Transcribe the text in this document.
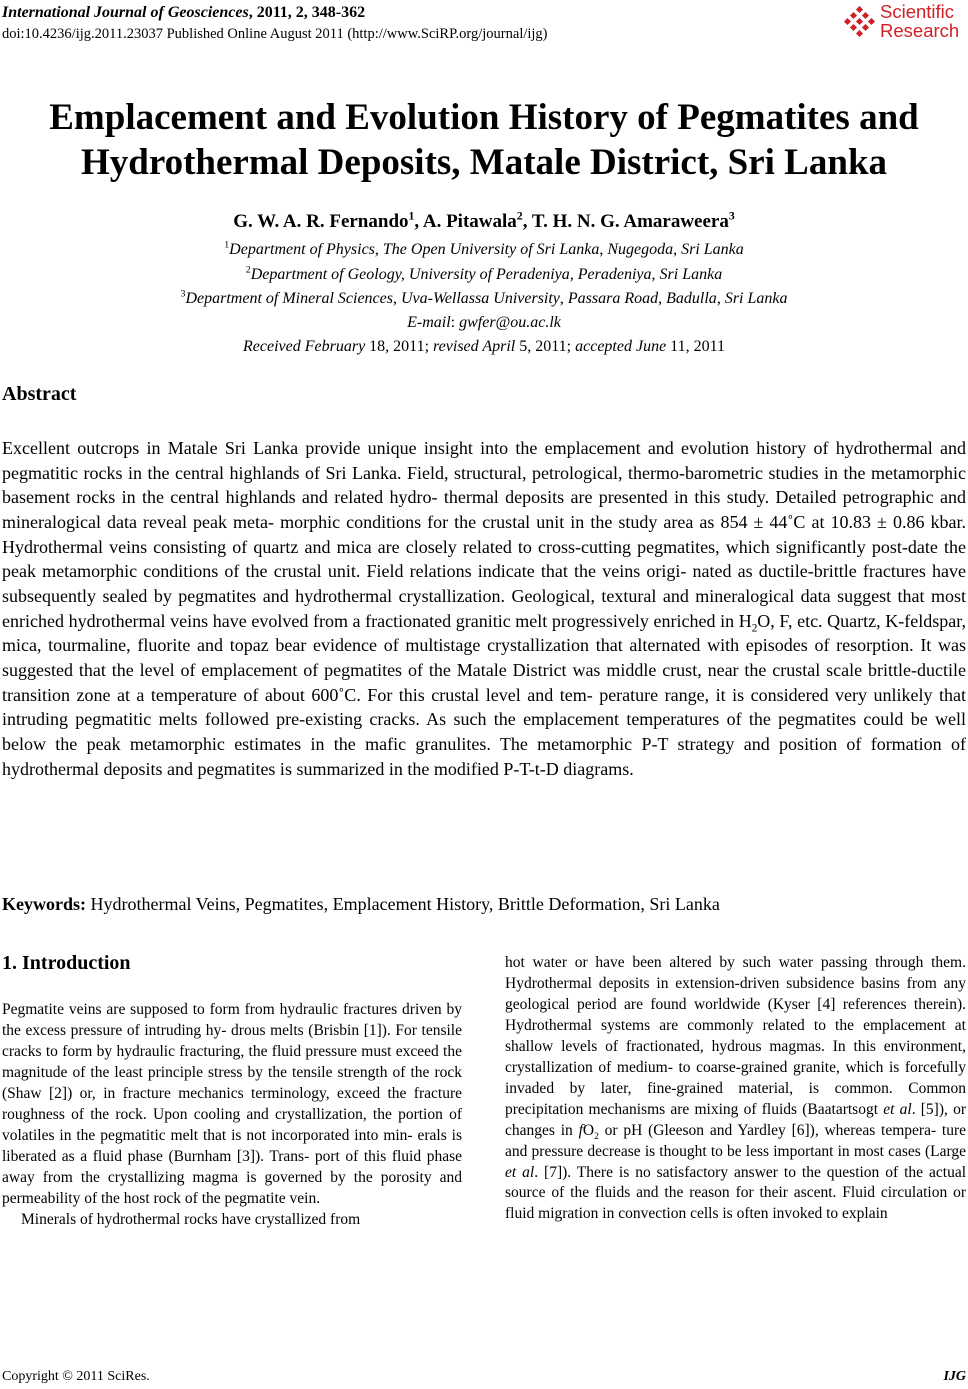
International Journal of Geosciences, 2011, 2, 348-362
doi:10.4236/ijg.2011.23037 Published Online August 2011 (http://www.SciRP.org/journal/ijg)
Scientific
Research
Emplacement and Evolution History of Pegmatites and
Hydrothermal Deposits, Matale District, Sri Lanka
G. W. A. R. Fernando$^1$, A. Pitawala$^2$, T. H. N. G. Amaraweera$^3$
$^1$Department of Physics, The Open University of Sri Lanka, Nugegoda, Sri Lanka
$^2$Department of Geology, University of Peradeniya, Peradeniya, Sri Lanka
$^3$Department of Mineral Sciences, Uva-Wellassa University, Passara Road, Badulla, Sri Lanka
E-mail: gwfer@ou.ac.lk
Received February 18, 2011; revised April 5, 2011; accepted June 11, 2011
Abstract
Excellent outcrops in Matale Sri Lanka provide unique insight into the emplacement and evolution history of hydrothermal and pegmatitic rocks in the central highlands of Sri Lanka. Field, structural, petrological, thermo-barometric studies in the metamorphic basement rocks in the central highlands and related hydro- thermal deposits are presented in this study. Detailed petrographic and mineralogical data reveal peak meta- morphic conditions for the crustal unit in the study area as 854 ± 44˚C at 10.83 ± 0.86 kbar. Hydrothermal veins consisting of quartz and mica are closely related to cross-cutting pegmatites, which significantly post-date the peak metamorphic conditions of the crustal unit. Field relations indicate that the veins origi- nated as ductile-brittle fractures have subsequently sealed by pegmatites and hydrothermal crystallization. Geological, textural and mineralogical data suggest that most enriched hydrothermal veins have evolved from a fractionated granitic melt progressively enriched in $H_2O$, F, etc. Quartz, K-feldspar, mica, tourmaline, fluorite and topaz bear evidence of multistage crystallization that alternated with episodes of resorption. It was suggested that the level of emplacement of pegmatites of the Matale District was middle crust, near the crustal scale brittle-ductile transition zone at a temperature of about 600˚C. For this crustal level and tem- perature range, it is considered very unlikely that intruding pegmatitic melts followed pre-existing cracks. As such the emplacement temperatures of the pegmatites could be well below the peak metamorphic estimates in the mafic granulites. The metamorphic P-T strategy and position of formation of hydrothermal deposits and pegmatites is summarized in the modified P-T-t-D diagrams.
Keywords: Hydrothermal Veins, Pegmatites, Emplacement History, Brittle Deformation, Sri Lanka
1. Introduction

Pegmatite veins are supposed to form from hydraulic fractures driven by the excess pressure of intruding hy- drous melts (Brisbin [1]). For tensile cracks to form by hydraulic fracturing, the fluid pressure must exceed the magnitude of the least principle stress by the tensile strength of the rock (Shaw [2]) or, in fracture mechanics terminology, exceed the fracture roughness of the rock. Upon cooling and crystallization, the portion of volatiles in the pegmatitic melt that is not incorporated into min- erals is liberated as a fluid phase (Burnham [3]). Trans- port of this fluid phase away from the crystallizing magma is governed by the porosity and permeability of the host rock of the pegmatite vein.

Minerals of hydrothermal rocks have crystallized from

hot water or have been altered by such water passing through them. Hydrothermal deposits in extension-driven subsidence basins from any geological period are found worldwide (Kyser [4] references therein). Hydrothermal systems are commonly related to the emplacement at shallow levels of fractionated, hydrous magmas. In this environment, crystallization of medium- to coarse-grained granite, which is forcefully invaded by later, fine-grained material, is common. Common precipitation mechanisms are mixing of fluids (Baatartsogt et al. [5]), or changes in $fO_2$ or pH (Gleeson and Yardley [6]), whereas tempera- ture and pressure decrease is thought to be less important in most cases (Large et al. [7]). There is no satisfactory answer to the question of the actual source of the fluids and the reason for their ascent. Fluid circulation or fluid migration in convection cells is often invoked to explain

Copyright © 2011 SciRes.	IJG
